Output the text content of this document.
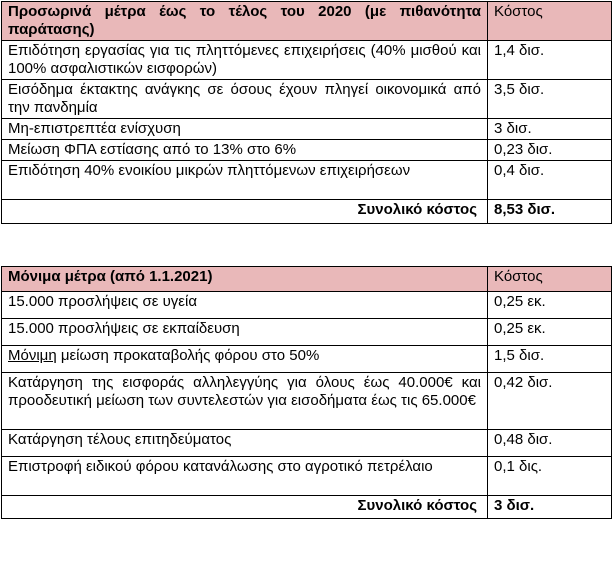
Προσωρινά μέτρα έως το τέλος του 2020 (με πιθανότητα παράτασης)	Κόστος
Επιδότηση εργασίας για τις πληττόμενες επιχειρήσεις (40% μισθού και 100% ασφαλιστικών εισφορών)	1,4 δισ.
Εισόδημα έκτακτης ανάγκης σε όσους έχουν πληγεί οικονομικά από την πανδημία	3,5 δισ.
Μη-επιστρεπτέα ενίσχυση	3 δισ.
Μείωση ΦΠΑ εστίασης από το 13% στο 6%	0,23 δισ.
Επιδότηση 40% ενοικίου μικρών πληττόμενων επιχειρήσεων	0,4 δισ.
Συνολικό κόστος	8,53 δισ.
Μόνιμα μέτρα (από 1.1.2021)	Κόστος
15.000 προσλήψεις σε υγεία	0,25 εκ.
15.000 προσλήψεις σε εκπαίδευση	0,25 εκ.
Μόνιμη μείωση προκαταβολής φόρου στο 50%	1,5 δισ.
Κατάργηση της εισφοράς αλληλεγγύης για όλους έως 40.000€ και προοδευτική μείωση των συντελεστών για εισοδήματα έως τις 65.000€	0,42 δισ.
Κατάργηση τέλους επιτηδεύματος	0,48 δισ.
Επιστροφή ειδικού φόρου κατανάλωσης στο αγροτικό πετρέλαιο	0,1 δις.
Συνολικό κόστος	3 δισ.
